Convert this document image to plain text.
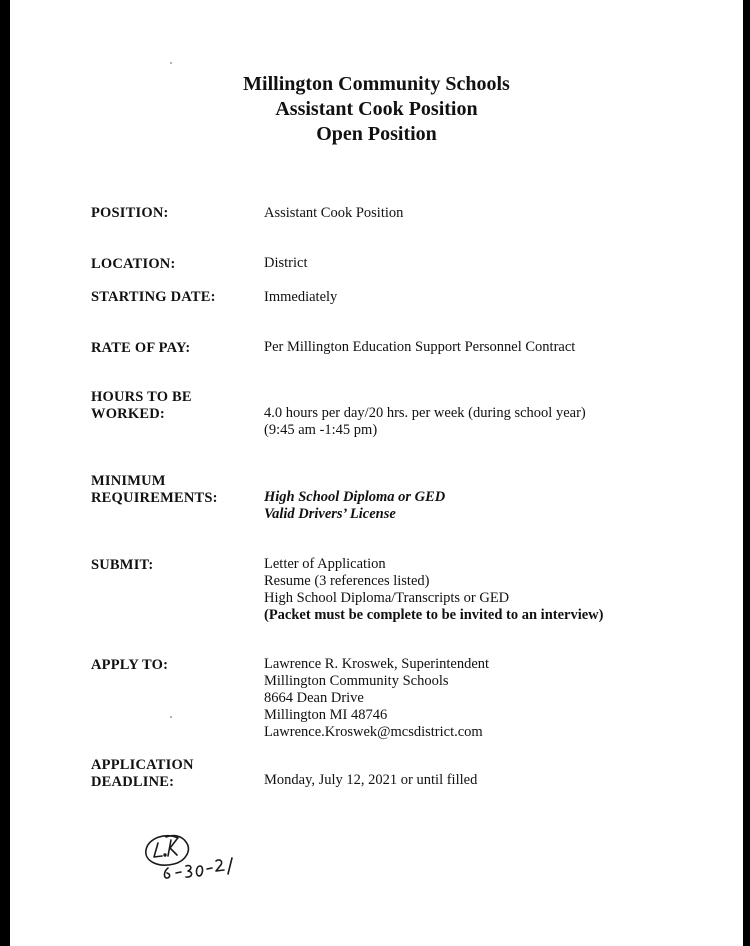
Millington Community Schools
Assistant Cook Position
Open Position
POSITION:	Assistant Cook Position
LOCATION:	District
STARTING DATE:	Immediately
RATE OF PAY:	Per Millington Education Support Personnel Contract
HOURS TO BE
WORKED:	4.0 hours per day/20 hrs. per week (during school year)
(9:45 am -1:45 pm)
MINIMUM
REQUIREMENTS:	High School Diploma or GED
Valid Drivers’ License
SUBMIT:	Letter of Application
Resume (3 references listed)
High School Diploma/Transcripts or GED
(Packet must be complete to be invited to an interview)
APPLY TO:	Lawrence R. Kroswek, Superintendent
Millington Community Schools
8664 Dean Drive
Millington MI 48746
Lawrence.Kroswek@mcsdistrict.com
APPLICATION
DEADLINE:	Monday, July 12, 2021 or until filled
